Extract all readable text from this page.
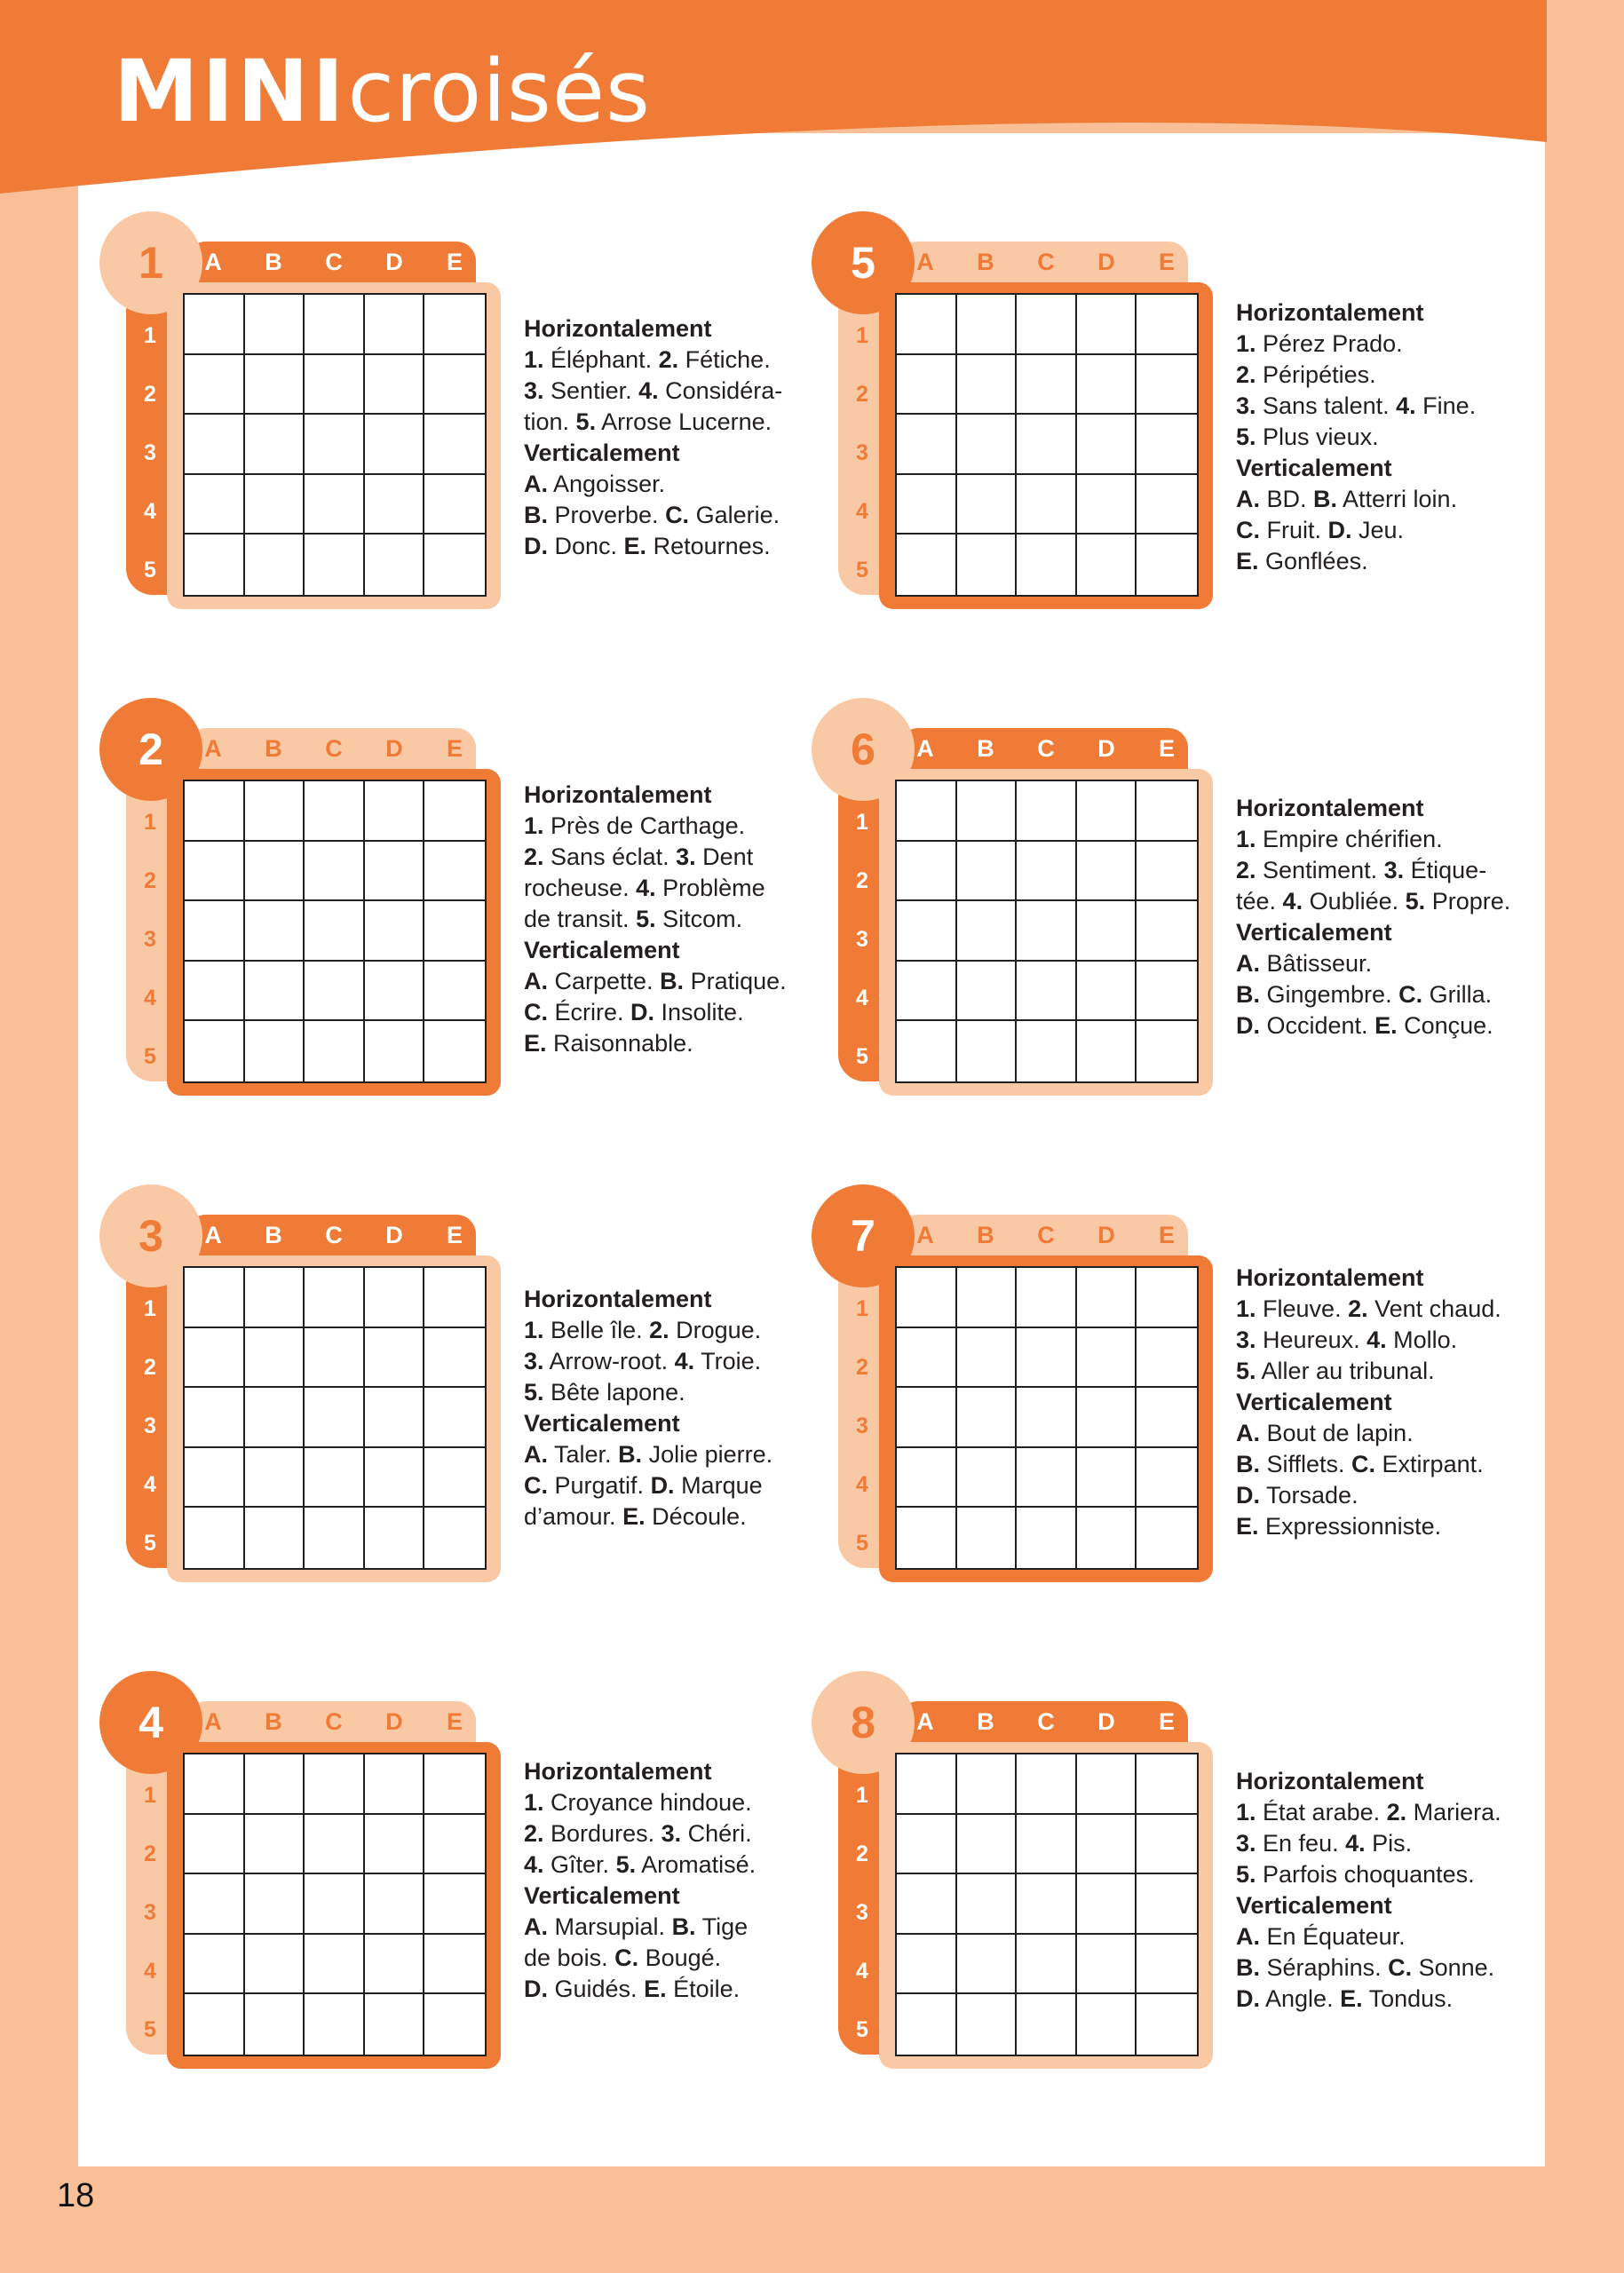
MINIcroisés
18
1
2
3
4
5
A	B	C	D	E
1
Horizontalement
1. Éléphant. 2. Fétiche.
3. Sentier. 4. Considéra-
tion. 5. Arrose Lucerne.
Verticalement
A. Angoisser.
B. Proverbe. C. Galerie.
D. Donc. E. Retournes.
1
2
3
4
5
A	B	C	D	E
2
Horizontalement
1. Près de Carthage.
2. Sans éclat. 3. Dent
rocheuse. 4. Problème
de transit. 5. Sitcom.
Verticalement
A. Carpette. B. Pratique.
C. Écrire. D. Insolite.
E. Raisonnable.
1
2
3
4
5
A	B	C	D	E
3
Horizontalement
1. Belle île. 2. Drogue.
3. Arrow-root. 4. Troie.
5. Bête lapone.
Verticalement
A. Taler. B. Jolie pierre.
C. Purgatif. D. Marque
d’amour. E. Découle.
1
2
3
4
5
A	B	C	D	E
4
Horizontalement
1. Croyance hindoue.
2. Bordures. 3. Chéri.
4. Gîter. 5. Aromatisé.
Verticalement
A. Marsupial. B. Tige
de bois. C. Bougé.
D. Guidés. E. Étoile.
1
2
3
4
5
A	B	C	D	E
5
Horizontalement
1. Pérez Prado.
2. Péripéties.
3. Sans talent. 4. Fine.
5. Plus vieux.
Verticalement
A. BD. B. Atterri loin.
C. Fruit. D. Jeu.
E. Gonflées.
1
2
3
4
5
A	B	C	D	E
6
Horizontalement
1. Empire chérifien.
2. Sentiment. 3. Étique-
tée. 4. Oubliée. 5. Propre.
Verticalement
A. Bâtisseur.
B. Gingembre. C. Grilla.
D. Occident. E. Conçue.
1
2
3
4
5
A	B	C	D	E
7
Horizontalement
1. Fleuve. 2. Vent chaud.
3. Heureux. 4. Mollo.
5. Aller au tribunal.
Verticalement
A. Bout de lapin.
B. Sifflets. C. Extirpant.
D. Torsade.
E. Expressionniste.
1
2
3
4
5
A	B	C	D	E
8
Horizontalement
1. État arabe. 2. Mariera.
3. En feu. 4. Pis.
5. Parfois choquantes.
Verticalement
A. En Équateur.
B. Séraphins. C. Sonne.
D. Angle. E. Tondus.
